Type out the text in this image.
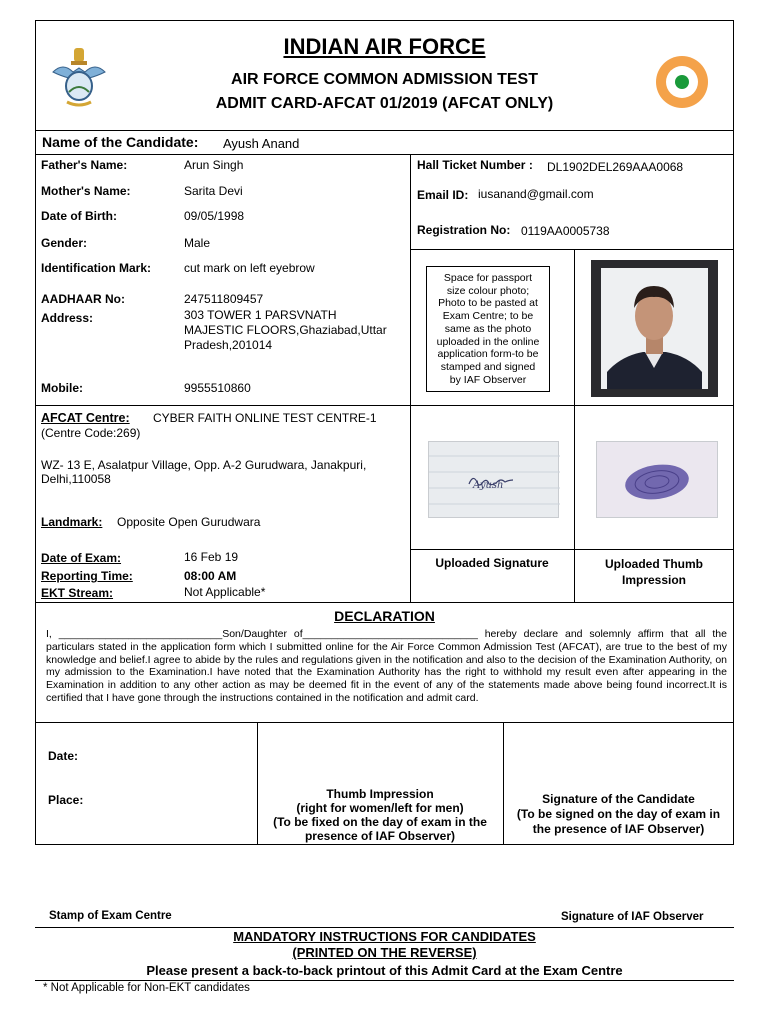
INDIAN AIR FORCE
AIR FORCE COMMON ADMISSION TEST
ADMIT CARD-AFCAT 01/2019 (AFCAT ONLY)
Name of the Candidate: Ayush Anand
Father's Name:	Arun Singh
Mother's Name:	Sarita Devi
Date of Birth:	09/05/1998
Gender:	Male
Identification Mark:	cut mark on left eyebrow
AADHAAR No:	247511809457
Address:	303 TOWER 1 PARSVNATH
MAJESTIC FLOORS,Ghaziabad,Uttar
Pradesh,201014
Mobile:	9955510860
Hall Ticket Number : DL1902DEL269AAA0068
Email ID: iusanand@gmail.com
Registration No: 0119AA0005738
Space for passport
size colour photo;
Photo to be pasted at
Exam Centre; to be
same as the photo
uploaded in the online
application form-to be
stamped and signed
by IAF Observer
AFCAT Centre: CYBER FAITH ONLINE TEST CENTRE-1
(Centre Code:269)
WZ- 13 E, Asalatpur Village, Opp. A-2 Gurudwara, Janakpuri,
Delhi,110058
Landmark: Opposite Open Gurudwara
Date of Exam:	16 Feb 19
Reporting Time:	08:00 AM
EKT Stream:	Not Applicable*
Ayush
Uploaded Signature	Uploaded Thumb
Impression
DECLARATION
I, ____________________________Son/Daughter of______________________________ hereby declare and solemnly affirm that all the particulars stated in the application form which I submitted online for the Air Force Common Admission Test (AFCAT), are true to the best of my knowledge and belief.I agree to abide by the rules and regulations given in the notification and also to the decision of the Examination Authority, on my admission to the Examination.I have noted that the Examination Authority has the right to withhold my result even after appearing in the Examination in addition to any other action as may be deemed fit in the event of any of the statements made above being found incorrect.It is certified that I have gone through the instructions contained in the notification and admit card.
Date:
Place:	Thumb Impression
(right for women/left for men)
(To be fixed on the day of exam in the
presence of IAF Observer)
Signature of the Candidate
(To be signed on the day of exam in
the presence of IAF Observer)
Stamp of Exam Centre	Signature of IAF Observer
MANDATORY INSTRUCTIONS FOR CANDIDATES
(PRINTED ON THE REVERSE)
Please present a back-to-back printout of this Admit Card at the Exam Centre
* Not Applicable for Non-EKT candidates
